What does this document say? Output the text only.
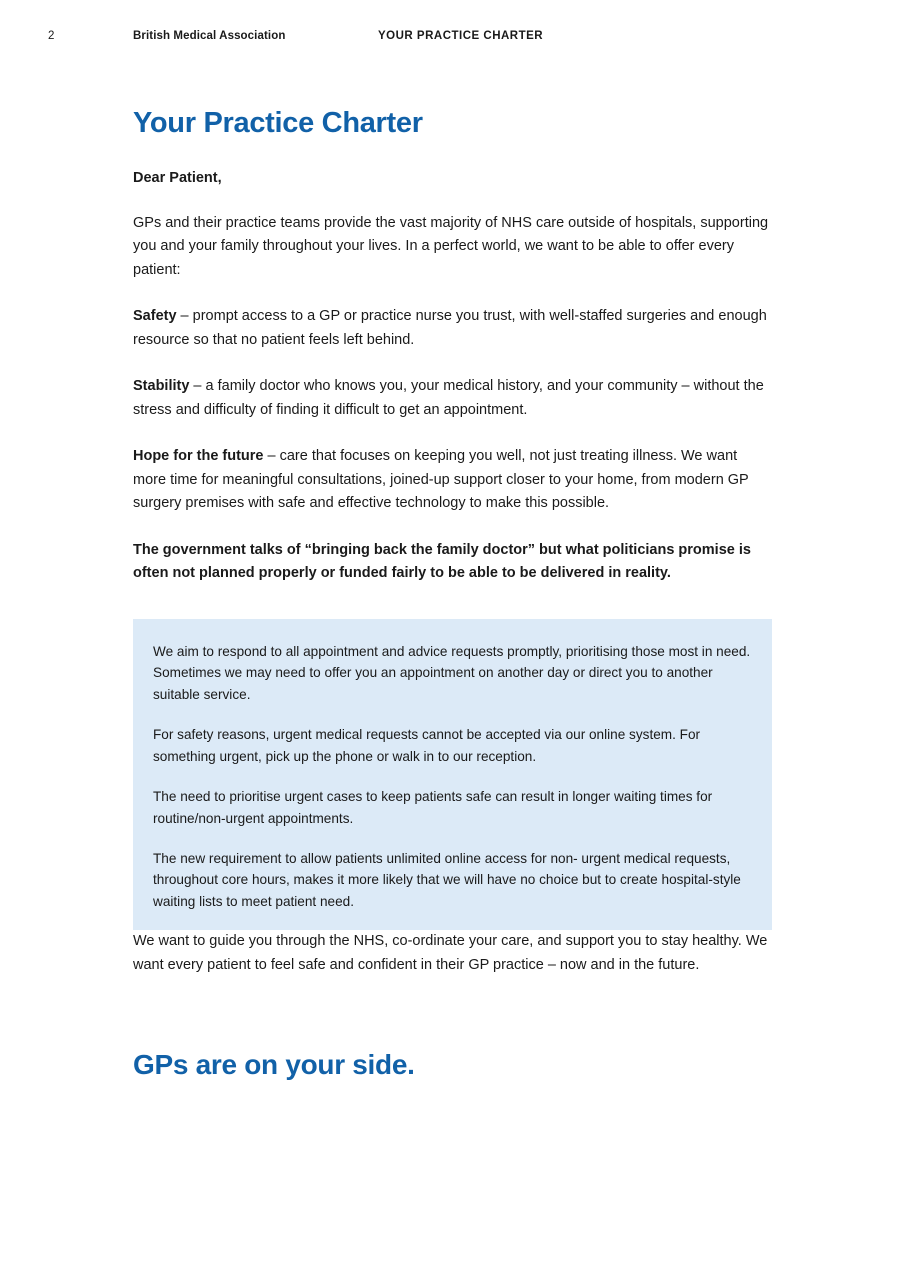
2	British Medical Association	YOUR PRACTICE CHARTER
Your Practice Charter

Dear Patient,

GPs and their practice teams provide the vast majority of NHS care outside of hospitals, supporting you and your family throughout your lives. In a perfect world, we want to be able to offer every patient:

Safety – prompt access to a GP or practice nurse you trust, with well-staffed surgeries and enough resource so that no patient feels left behind.

Stability – a family doctor who knows you, your medical history, and your community – without the stress and difficulty of finding it difficult to get an appointment.

Hope for the future – care that focuses on keeping you well, not just treating illness. We want more time for meaningful consultations, joined-up support closer to your home, from modern GP surgery premises with safe and effective technology to make this possible.

The government talks of “bringing back the family doctor” but what politicians promise is often not planned properly or funded fairly to be able to be delivered in reality.

We aim to respond to all appointment and advice requests promptly, prioritising those most in need. Sometimes we may need to offer you an appointment on another day or direct you to another suitable service.

For safety reasons, urgent medical requests cannot be accepted via our online system. For something urgent, pick up the phone or walk in to our reception.

The need to prioritise urgent cases to keep patients safe can result in longer waiting times for routine/non-urgent appointments.

The new requirement to allow patients unlimited online access for non- urgent medical requests, throughout core hours, makes it more likely that we will have no choice but to create hospital-style waiting lists to meet patient need.

We want to guide you through the NHS, co-ordinate your care, and support you to stay healthy. We want every patient to feel safe and confident in their GP practice – now and in the future.

GPs are on your side.
